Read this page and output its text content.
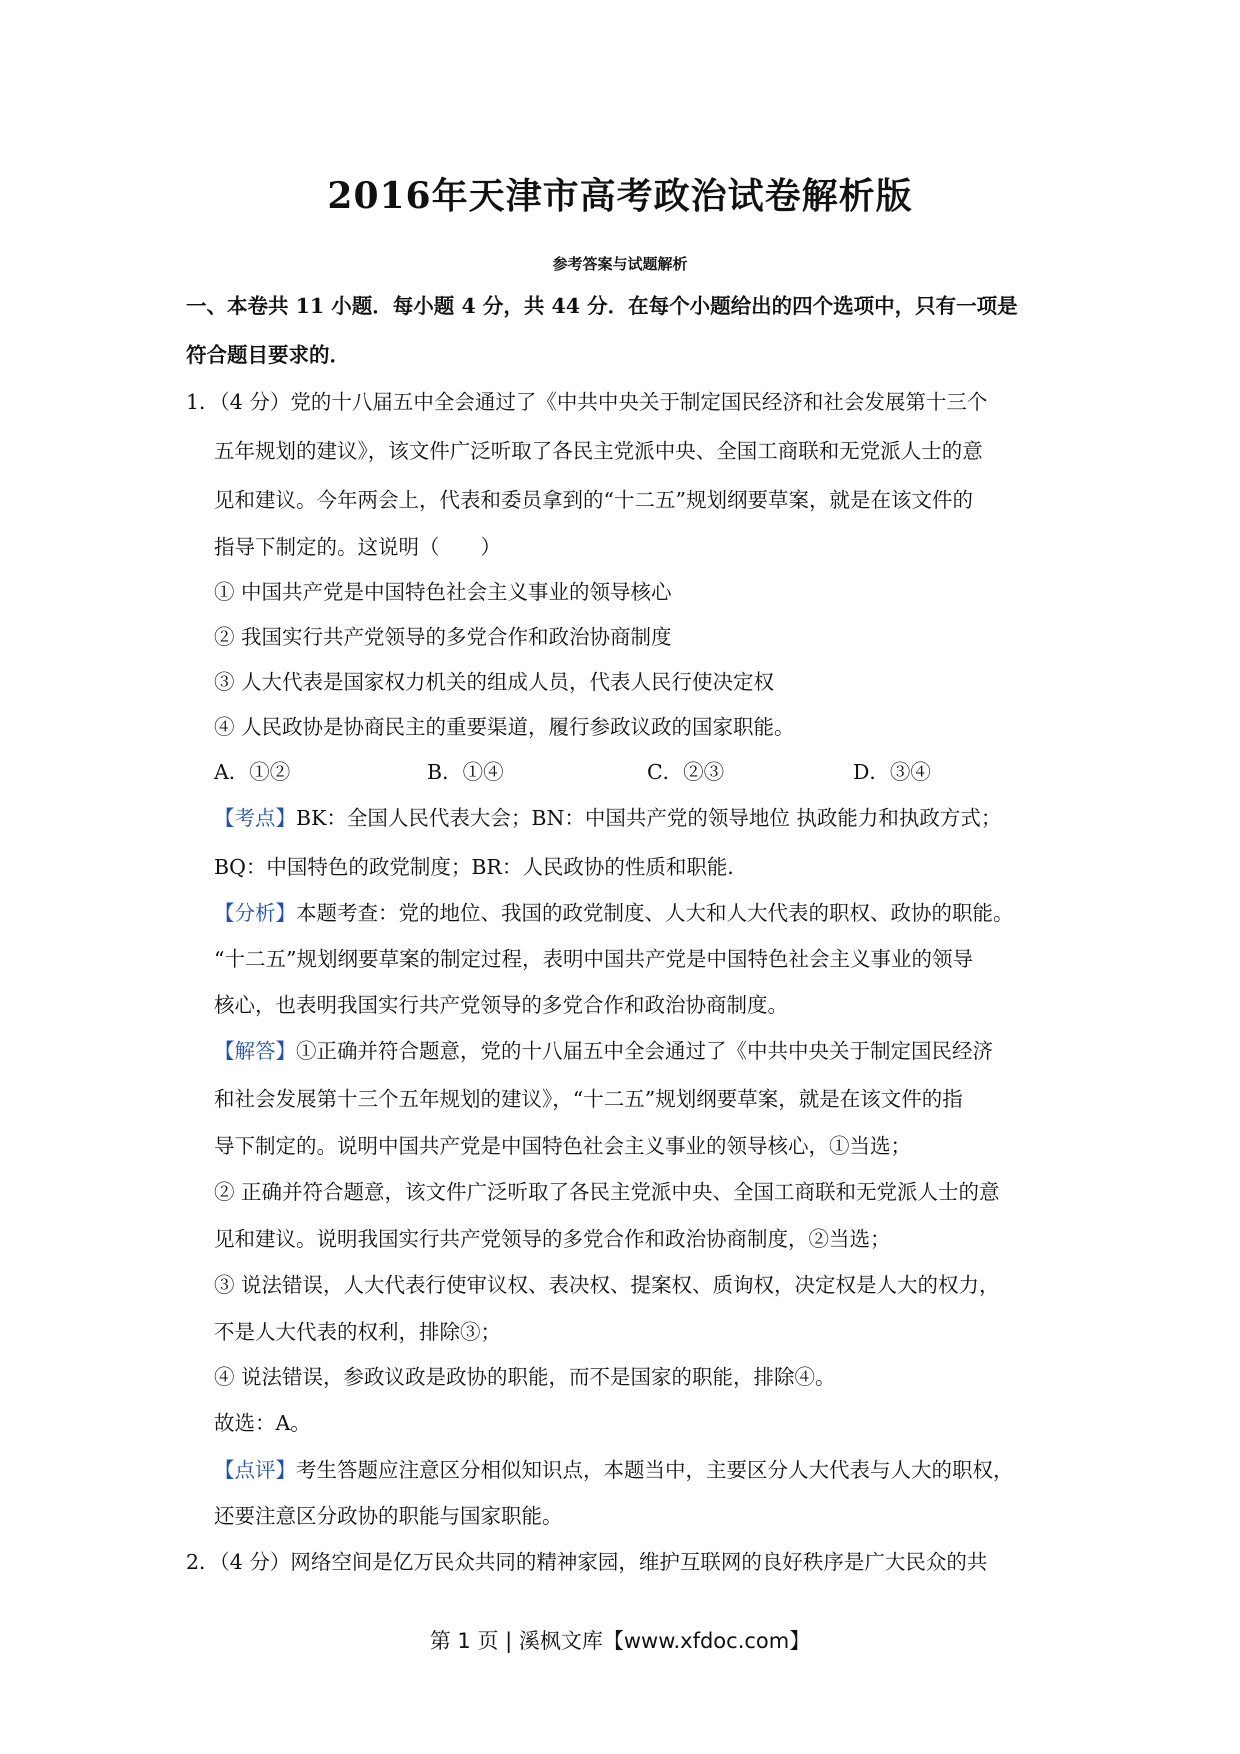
2016年天津市高考政治试卷解析版
参考答案与试题解析
一、本卷共 11 小题．每小题 4 分，共 44 分．在每个小题给出的四个选项中，只有一项是
符合题目要求的．
1．（4 分）党的十八届五中全会通过了《中共中央关于制定国民经济和社会发展第十三个
五年规划的建议》，该文件广泛听取了各民主党派中央、全国工商联和无党派人士的意
见和建议。今年两会上，代表和委员拿到的“十二五”规划纲要草案，就是在该文件的
指导下制定的。这说明（　　）
① 中国共产党是中国特色社会主义事业的领导核心
② 我国实行共产党领导的多党合作和政治协商制度
③ 人大代表是国家权力机关的组成人员，代表人民行使决定权
④ 人民政协是协商民主的重要渠道，履行参政议政的国家职能。
A．①②	B．①④	C．②③	D．③④
【考点】BK：全国人民代表大会；BN：中国共产党的领导地位 执政能力和执政方式；
BQ：中国特色的政党制度；BR：人民政协的性质和职能．
【分析】本题考查：党的地位、我国的政党制度、人大和人大代表的职权、政协的职能。
“十二五”规划纲要草案的制定过程，表明中国共产党是中国特色社会主义事业的领导
核心，也表明我国实行共产党领导的多党合作和政治协商制度。
【解答】①正确并符合题意，党的十八届五中全会通过了《中共中央关于制定国民经济
和社会发展第十三个五年规划的建议》，“十二五”规划纲要草案，就是在该文件的指
导下制定的。说明中国共产党是中国特色社会主义事业的领导核心，①当选；
② 正确并符合题意，该文件广泛听取了各民主党派中央、全国工商联和无党派人士的意
见和建议。说明我国实行共产党领导的多党合作和政治协商制度，②当选；
③ 说法错误，人大代表行使审议权、表决权、提案权、质询权，决定权是人大的权力，
不是人大代表的权利，排除③；
④ 说法错误，参政议政是政协的职能，而不是国家的职能，排除④。
故选：A。
【点评】考生答题应注意区分相似知识点，本题当中，主要区分人大代表与人大的职权，
还要注意区分政协的职能与国家职能。
2．（4 分）网络空间是亿万民众共同的精神家园，维护互联网的良好秩序是广大民众的共
第 1 页 | 溪枫文库【www.xfdoc.com】
